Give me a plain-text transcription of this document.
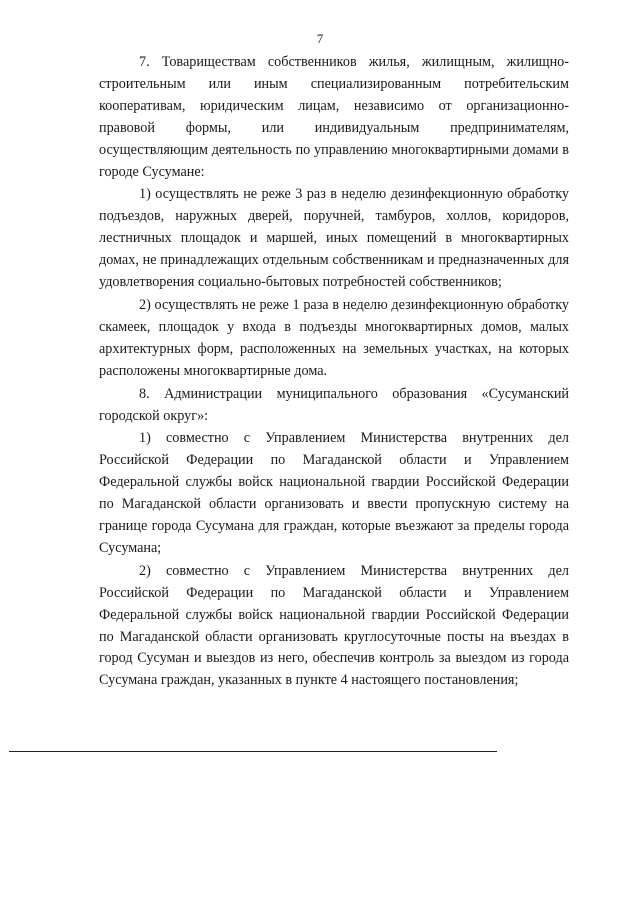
7

7. Товариществам собственников жилья, жилищным, жилищно-строительным или иным специализированным потребительским кооперативам, юридическим лицам, независимо от организационно-правовой формы, или индивидуальным предпринимателям, осуществляющим деятельность по управлению многоквартирными домами в городе Сусумане:

1) осуществлять не реже 3 раз в неделю дезинфекционную обработку подъездов, наружных дверей, поручней, тамбуров, холлов, коридоров, лестничных площадок и маршей, иных помещений в многоквартирных домах, не принадлежащих отдельным собственникам и предназначенных для удовлетворения социально-бытовых потребностей собственников;

2) осуществлять не реже 1 раза в неделю дезинфекционную обработку скамеек, площадок у входа в подъезды многоквартирных домов, малых архитектурных форм, расположенных на земельных участках, на которых расположены многоквартирные дома.

8. Администрации муниципального образования «Сусуманский городской округ»:

1) совместно с Управлением Министерства внутренних дел Российской Федерации по Магаданской области и Управлением Федеральной службы войск национальной гвардии Российской Федерации по Магаданской области организовать и ввести пропускную систему на границе города Сусумана для граждан, которые въезжают за пределы города Сусумана;

2) совместно с Управлением Министерства внутренних дел Российской Федерации по Магаданской области и Управлением Федеральной службы войск национальной гвардии Российской Федерации по Магаданской области организовать круглосуточные посты на въездах в город Сусуман и выездов из него, обеспечив контроль за выездом из города Сусумана граждан, указанных в пункте 4 настоящего постановления;
